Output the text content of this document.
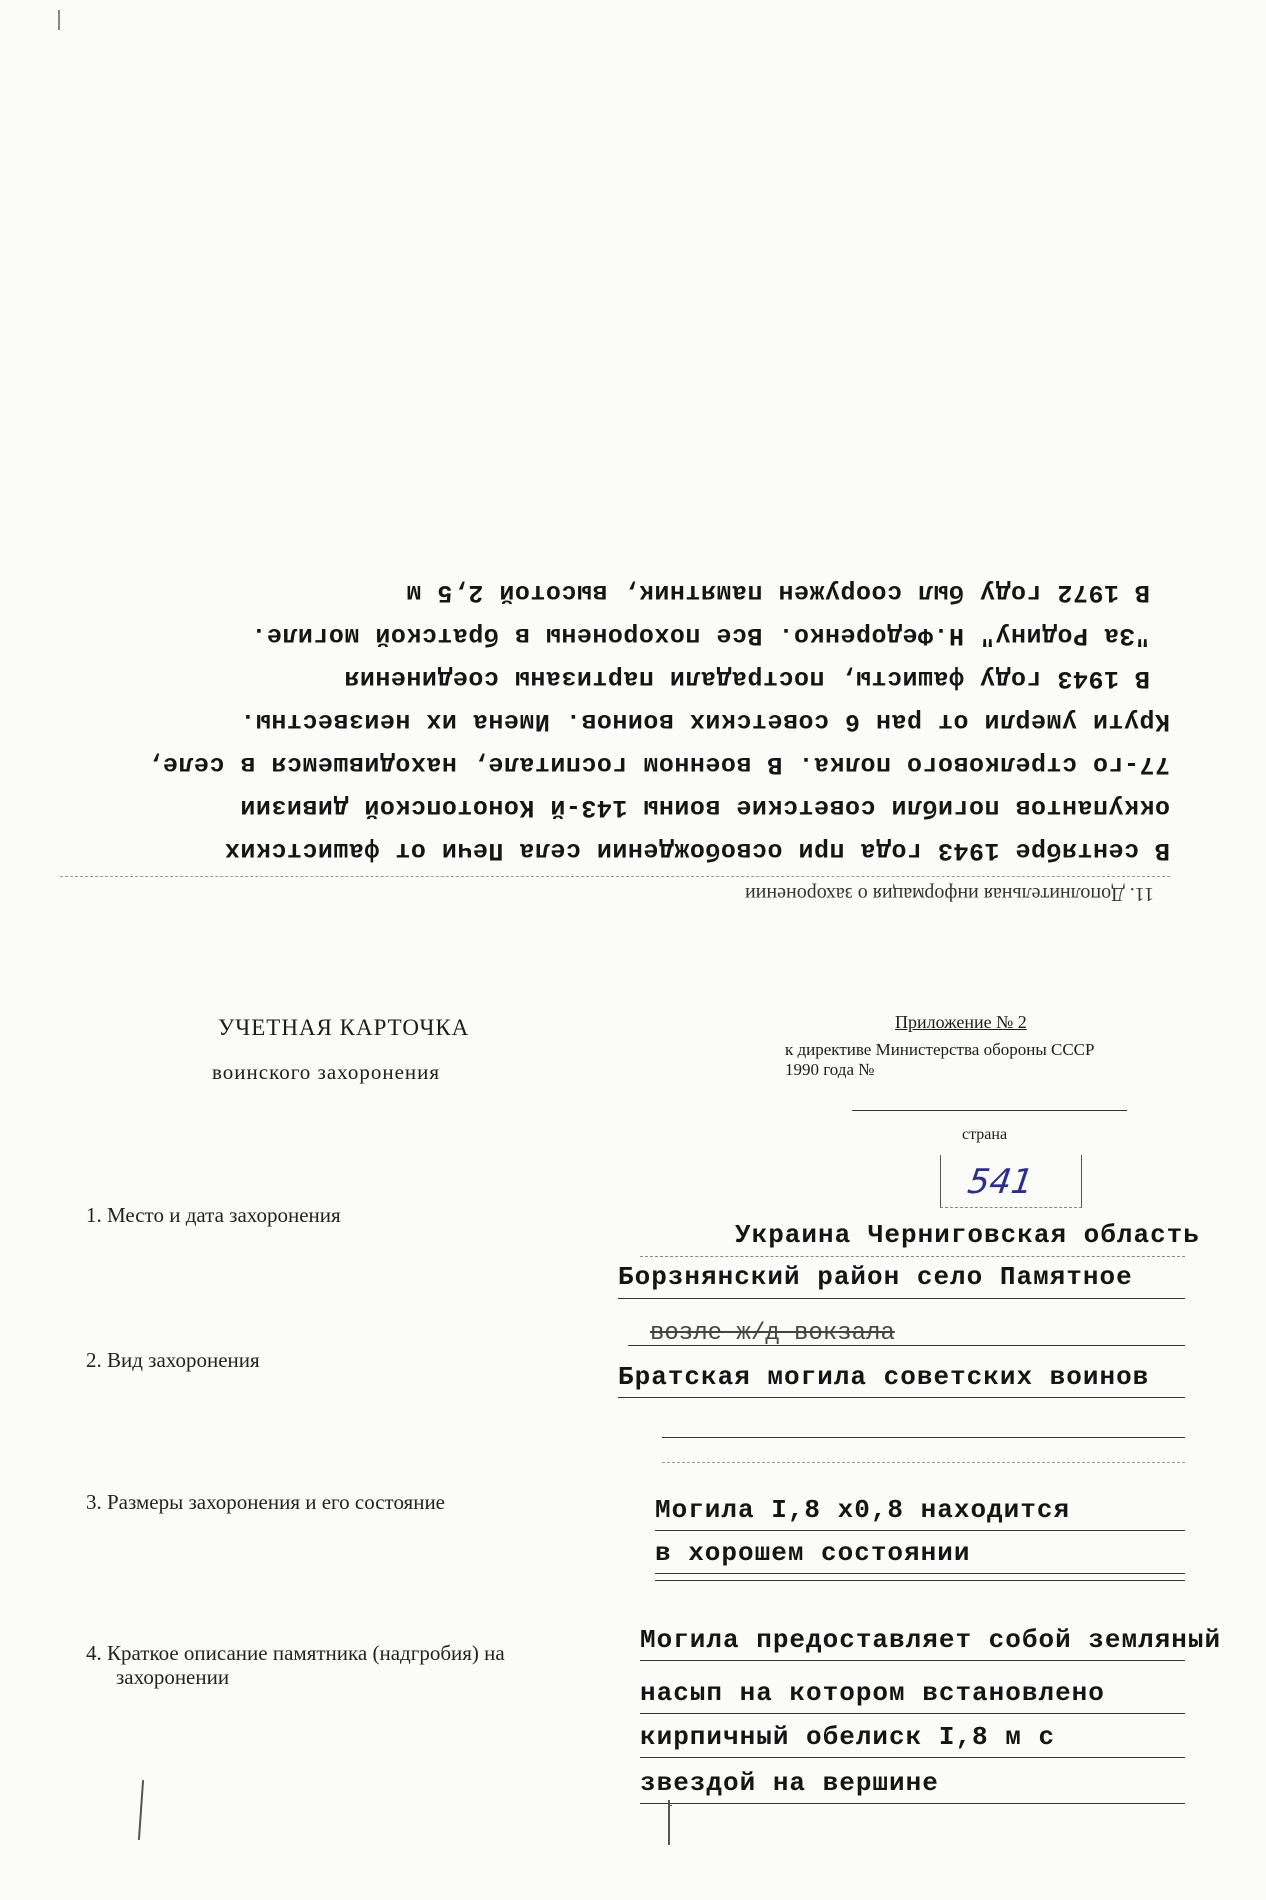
11. Дополнительная информация о захоронении
В сентябре 1943 года при освобождении села Печи от фашистских
оккупантов погибли советские воины 143-й Конотопской дивизии
77-го стрелкового полка. В военном госпитале, находившемся в селе,
Крути умерли от ран 6 советских воинов. Имена их неизвестны.
В 1943 году фашисты, пострадали партизаны соединения
"За Родину" Н.Федоренко. Все похоронены в братской могиле.
В 1972 году был сооружен памятник, высотой 2,5 м
УЧЕТНАЯ КАРТОЧКА
воинского захоронения
Приложение № 2
к директиве Министерства обороны СССР
1990 года №
страна
541
1. Место и дата захоронения
Украина Черниговская область
Борзнянский район село Памятное
возле ж/д вокзала
2. Вид захоронения
Братская могила советских воинов
3. Размеры захоронения и его состояние	Могила I,8 х0,8 находится
в хорошем состоянии
4. Краткое описание памятника (надгробия) на
захоронении
Могила предоставляет собой земляный
насып на котором встановлено
кирпичный обелиск I,8 м с
звездой на вершине
